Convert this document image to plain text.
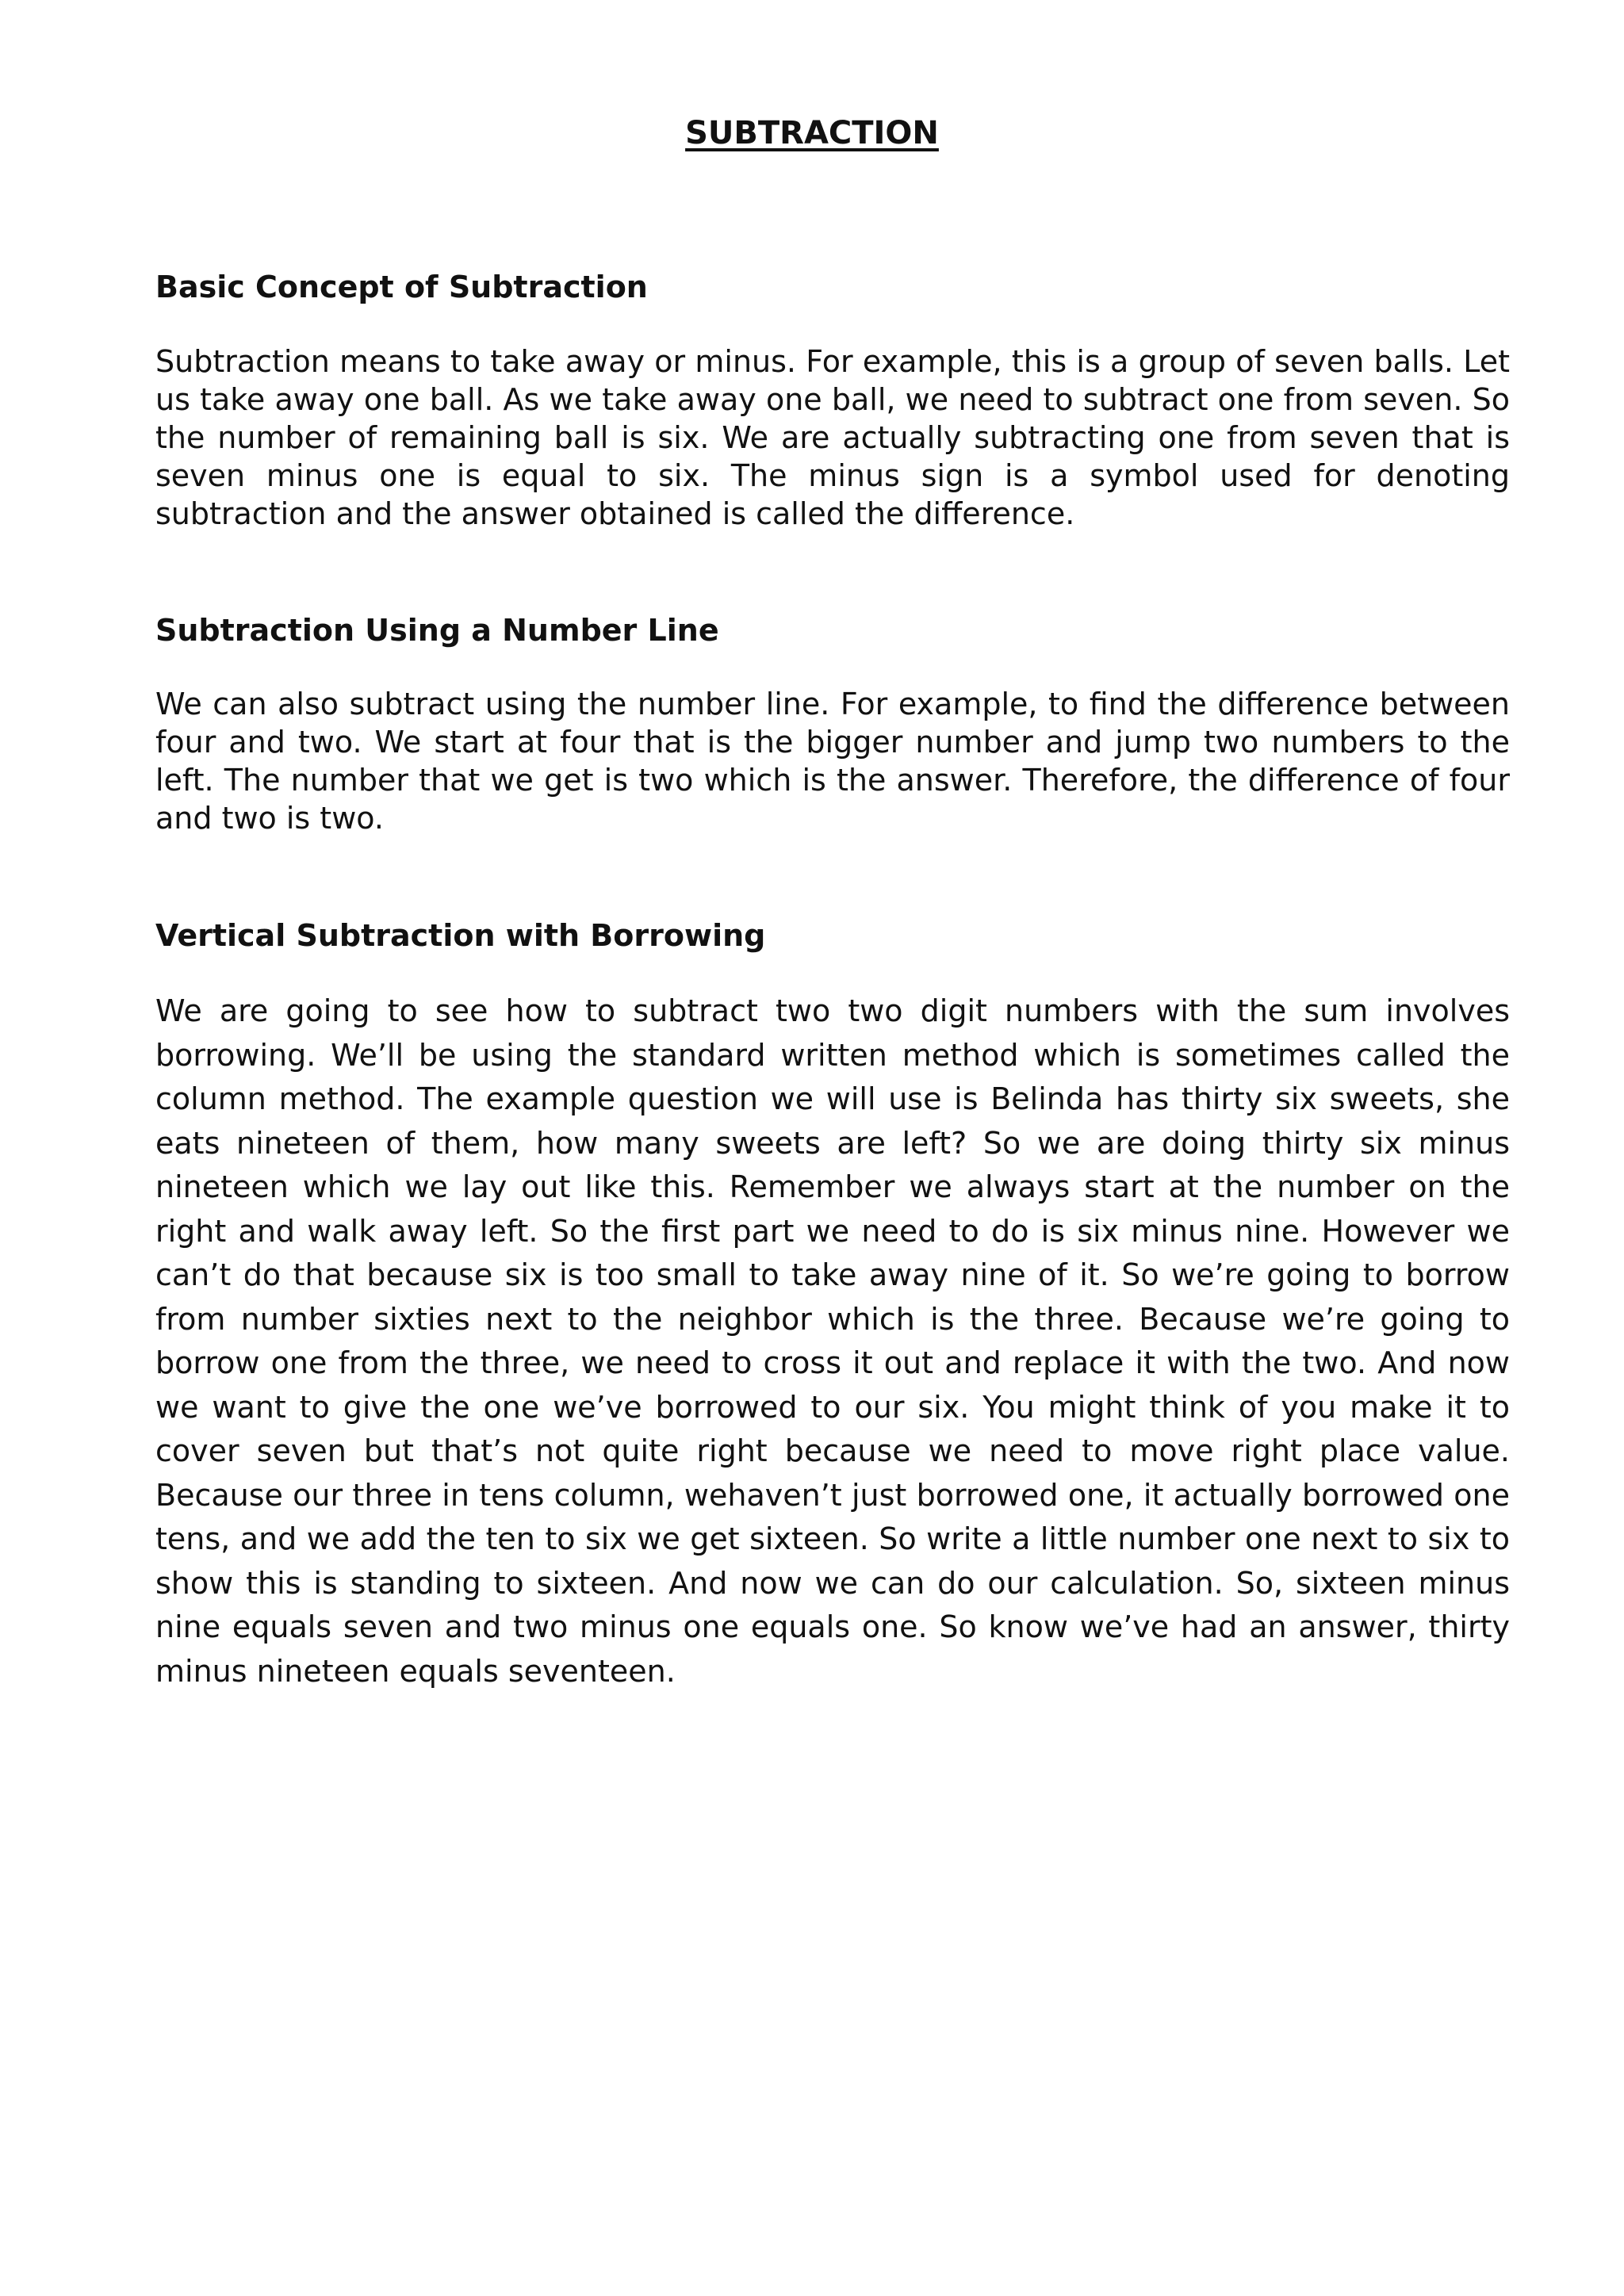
SUBTRACTION
Basic Concept of Subtraction

Subtraction means to take away or minus. For example, this is a group of seven balls. Let us take away one ball. As we take away one ball, we need to subtract one from seven. So the number of remaining ball is six. We are actually subtracting one from seven that is seven minus one is equal to six. The minus sign is a symbol used for denoting subtraction and the answer obtained is called the difference.

Subtraction Using a Number Line

We can also subtract using the number line. For example, to find the difference between four and two. We start at four that is the bigger number and jump two numbers to the left. The number that we get is two which is the answer. Therefore, the difference of four and two is two.

Vertical Subtraction with Borrowing

We are going to see how to subtract two two digit numbers with the sum involves borrowing. We’ll be using the standard written method which is sometimes called the column method. The example question we will use is Belinda has thirty six sweets, she eats nineteen of them, how many sweets are left? So we are doing thirty six minus nineteen which we lay out like this. Remember we always start at the number on the right and walk away left. So the first part we need to do is six minus nine. However we can’t do that because six is too small to take away nine of it. So we’re going to borrow from number sixties next to the neighbor which is the three. Because we’re going to borrow one from the three, we need to cross it out and replace it with the two. And now we want to give the one we’ve borrowed to our six. You might think of you make it to cover seven but that’s not quite right because we need to move right place value. Because our three in tens column, wehaven’t just borrowed one, it actually borrowed one tens, and we add the ten to six we get sixteen. So write a little number one next to six to show this is standing to sixteen. And now we can do our calculation. So, sixteen minus nine equals seven and two minus one equals one. So know we’ve had an answer, thirty minus nineteen equals seventeen.
